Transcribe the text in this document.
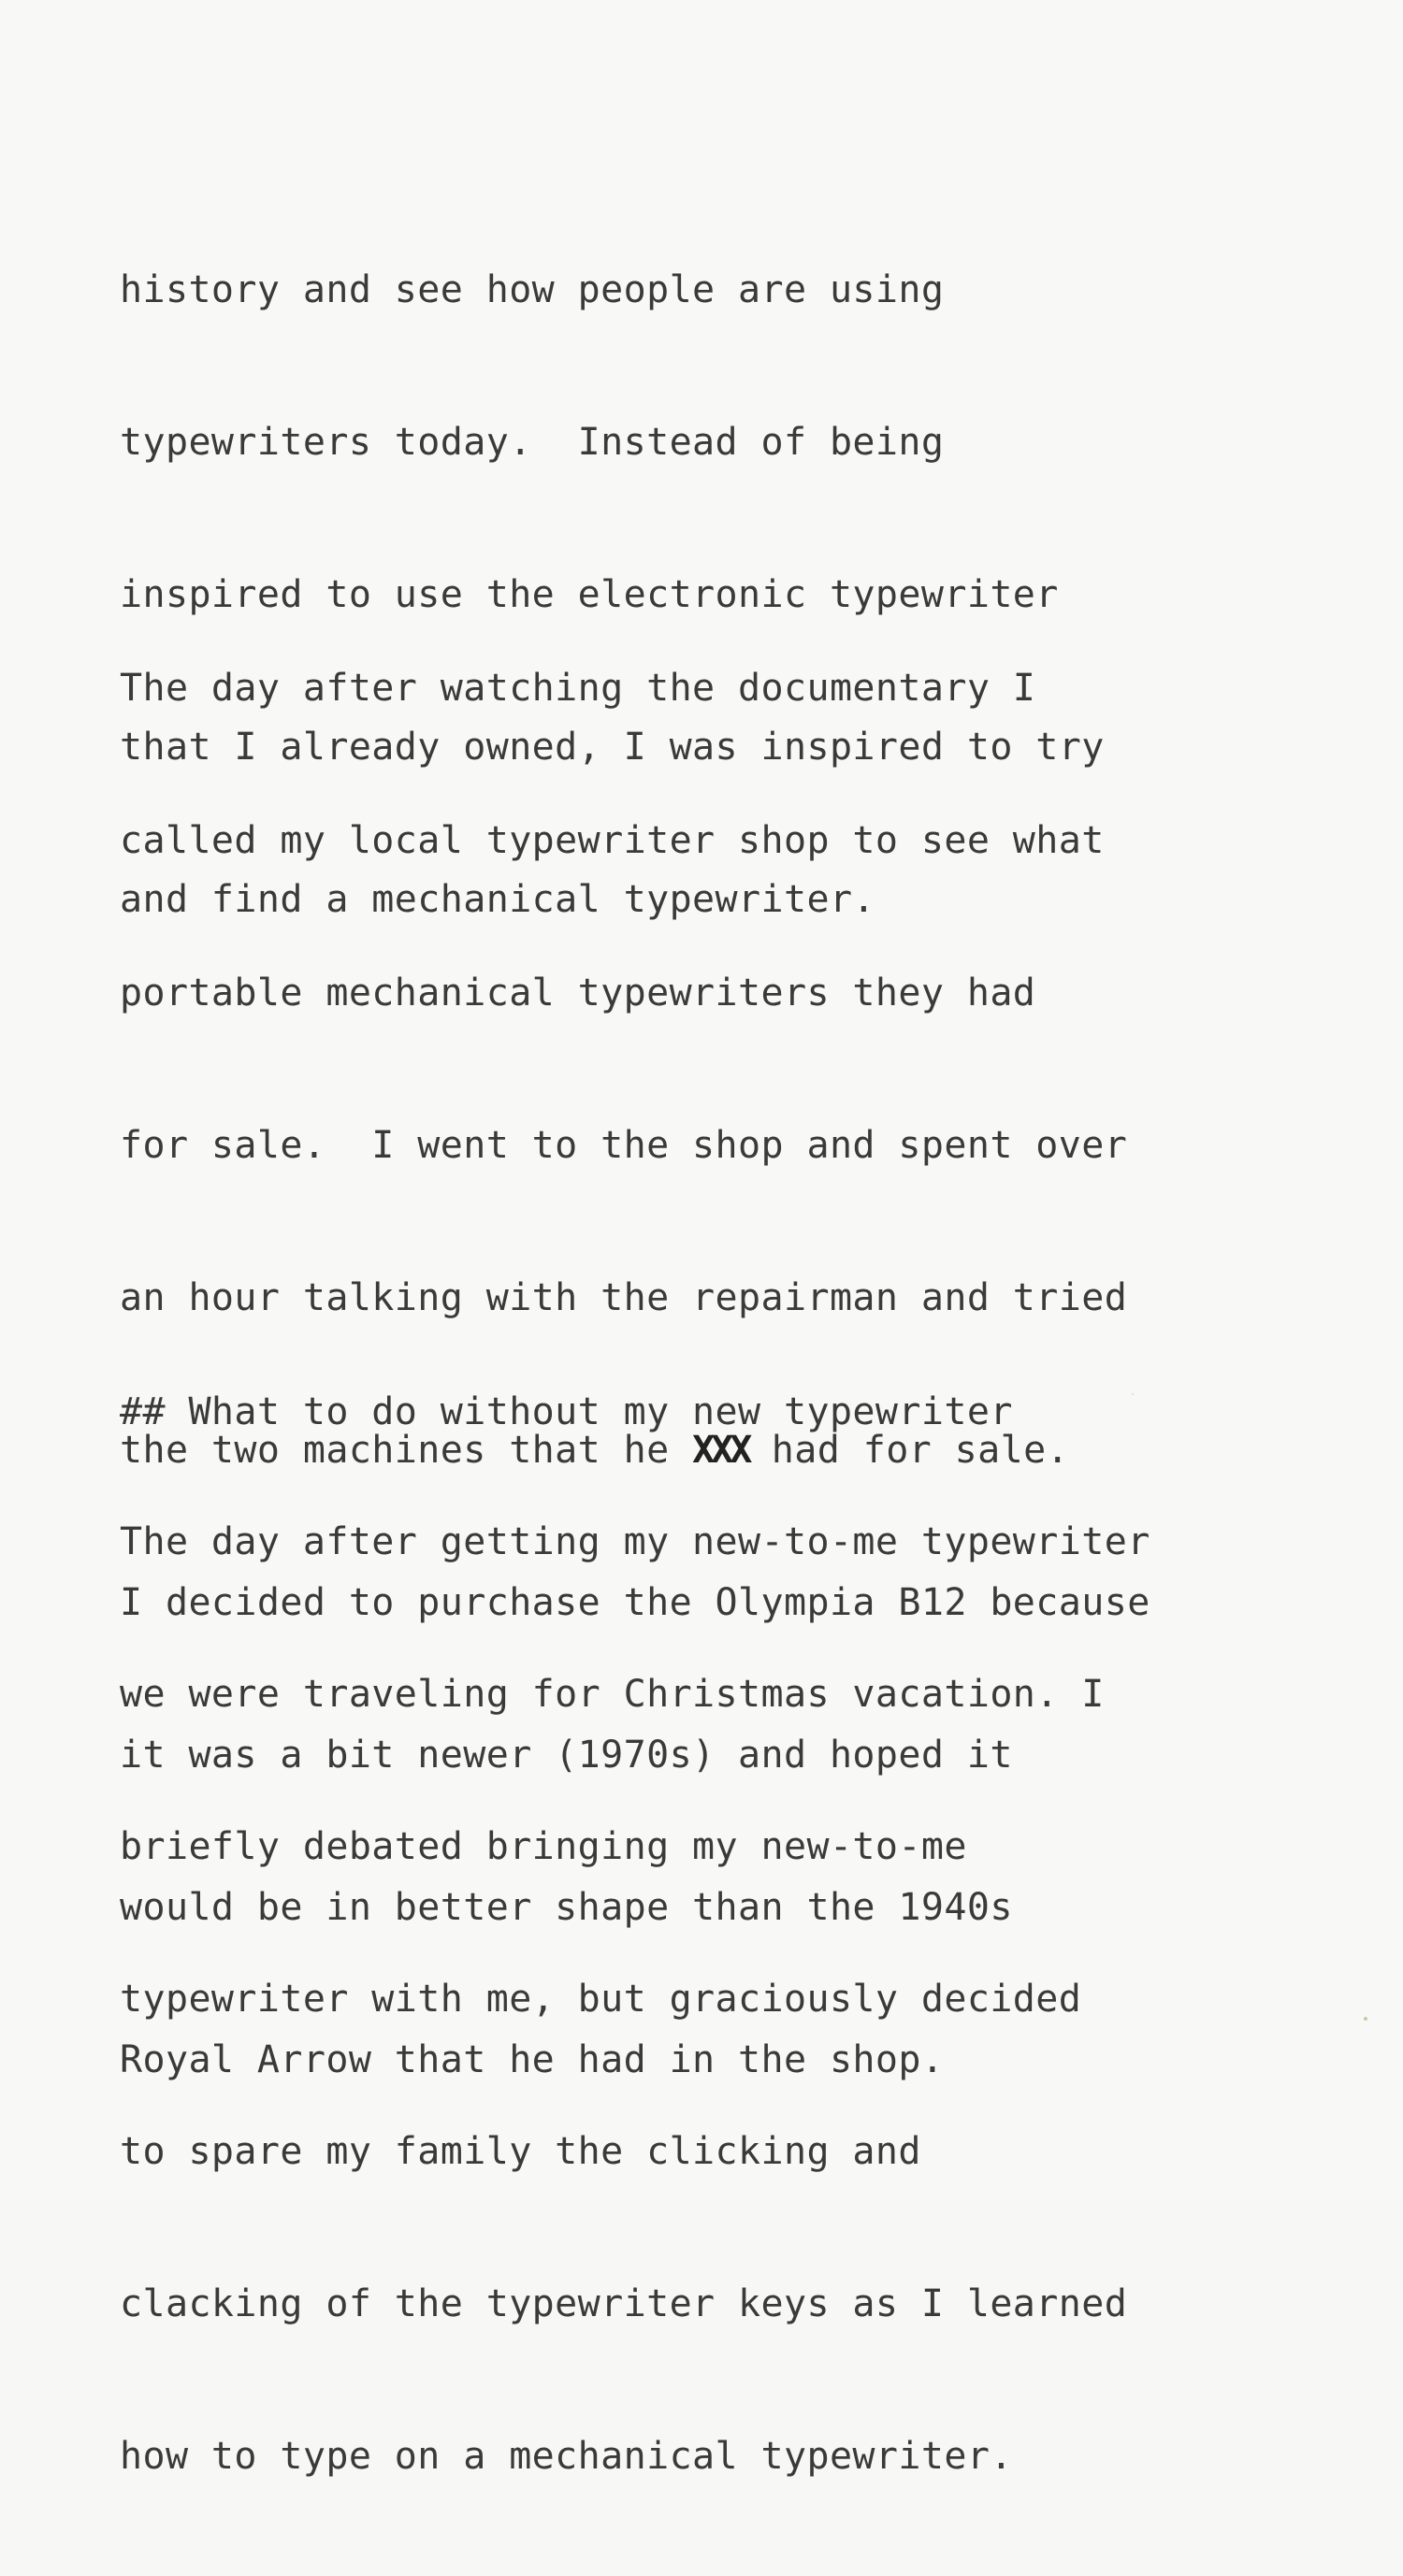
history and see how people are using

typewriters today.  Instead of being

inspired to use the electronic typewriter

that I already owned, I was inspired to try

and find a mechanical typewriter.

The day after watching the documentary I

called my local typewriter shop to see what

portable mechanical typewriters they had

for sale.  I went to the shop and spent over

an hour talking with the repairman and tried

the two machines that he XXX had for sale.

I decided to purchase the Olympia B12 because

it was a bit newer (1970s) and hoped it

would be in better shape than the 1940s

Royal Arrow that he had in the shop.

## What to do without my new typewriter

The day after getting my new-to-me typewriter

we were traveling for Christmas vacation. I

briefly debated bringing my new-to-me

typewriter with me, but graciously decided

to spare my family the clicking and

clacking of the typewriter keys as I learned

how to type on a mechanical typewriter.
